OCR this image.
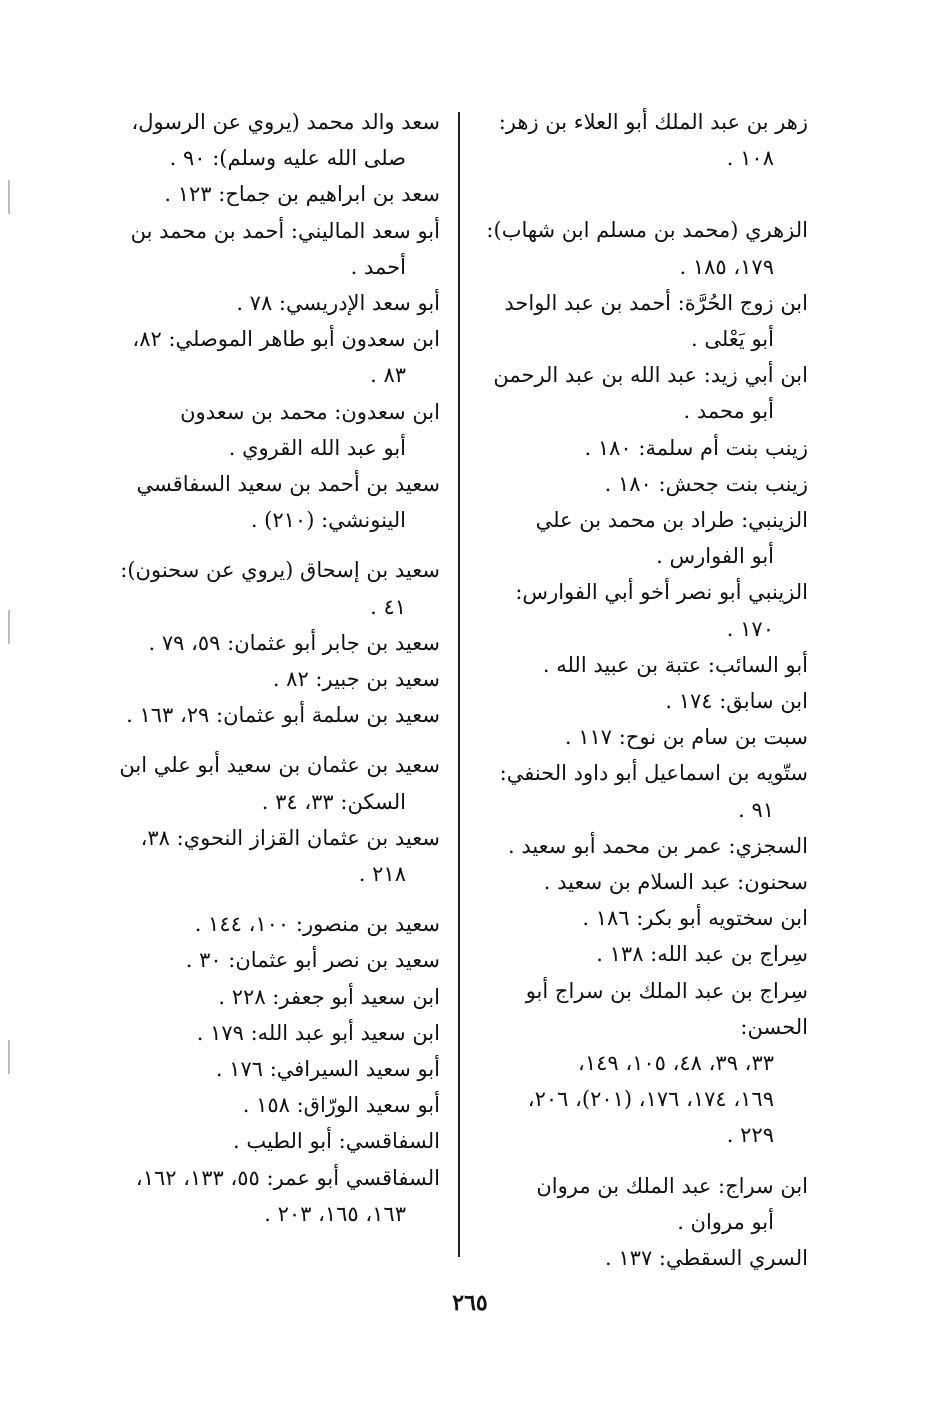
زهر بن عبد الملك أبو العلاء بن زهر:
١٠٨ .

الزهري (محمد بن مسلم ابن شهاب):
١٧٩، ١٨٥ .

ابن زوج الحُرَّة: أحمد بن عبد الواحد
أبو يَعْلى .

ابن أبي زيد: عبد الله بن عبد الرحمن
أبو محمد .

زينب بنت أم سلمة: ١٨٠ .

زينب بنت جحش: ١٨٠ .

الزينبي: طراد بن محمد بن علي
أبو الفوارس .

الزينبي أبو نصر أخو أبي الفوارس:
١٧٠ .

أبو السائب: عتبة بن عبيد الله .

ابن سابق: ١٧٤ .

سبت بن سام بن نوح: ١١٧ .

ستّويه بن اسماعيل أبو داود الحنفي:
٩١ .

السجزي: عمر بن محمد أبو سعيد .

سحنون: عبد السلام بن سعيد .

ابن سختويه أبو بكر: ١٨٦ .

سِراج بن عبد الله: ١٣٨ .

سِراج بن عبد الملك بن سراج أبو الحسن:
٣٣، ٣٩، ٤٨، ١٠٥، ١٤٩،
١٦٩، ١٧٤، ١٧٦، (٢٠١)، ٢٠٦،
٢٢٩ .

ابن سراج: عبد الملك بن مروان
أبو مروان .

السري السقطي: ١٣٧ .

سعد والد محمد (يروي عن الرسول،
صلى الله عليه وسلم): ٩٠ .

سعد بن ابراهيم بن جماح: ١٢٣ .

أبو سعد الماليني: أحمد بن محمد بن
أحمد .

أبو سعد الإدريسي: ٧٨ .

ابن سعدون أبو طاهر الموصلي: ٨٢،
٨٣ .

ابن سعدون: محمد بن سعدون
أبو عبد الله القروي .

سعيد بن أحمد بن سعيد السفاقسي
الينونشي: (٢١٠) .

سعيد بن إسحاق (يروي عن سحنون):
٤١ .

سعيد بن جابر أبو عثمان: ٥٩، ٧٩ .

سعيد بن جبير: ٨٢ .

سعيد بن سلمة أبو عثمان: ٢٩، ١٦٣ .

سعيد بن عثمان بن سعيد أبو علي ابن
السكن: ٣٣، ٣٤ .

سعيد بن عثمان القزاز النحوي: ٣٨،
٢١٨ .

سعيد بن منصور: ١٠٠، ١٤٤ .

سعيد بن نصر أبو عثمان: ٣٠ .

ابن سعيد أبو جعفر: ٢٢٨ .

ابن سعيد أبو عبد الله: ١٧٩ .

أبو سعيد السيرافي: ١٧٦ .

أبو سعيد الورّاق: ١٥٨ .

السفاقسي: أبو الطيب .

السفاقسي أبو عمر: ٥٥، ١٣٣، ١٦٢،
١٦٣، ١٦٥، ٢٠٣ .

٢٦٥
